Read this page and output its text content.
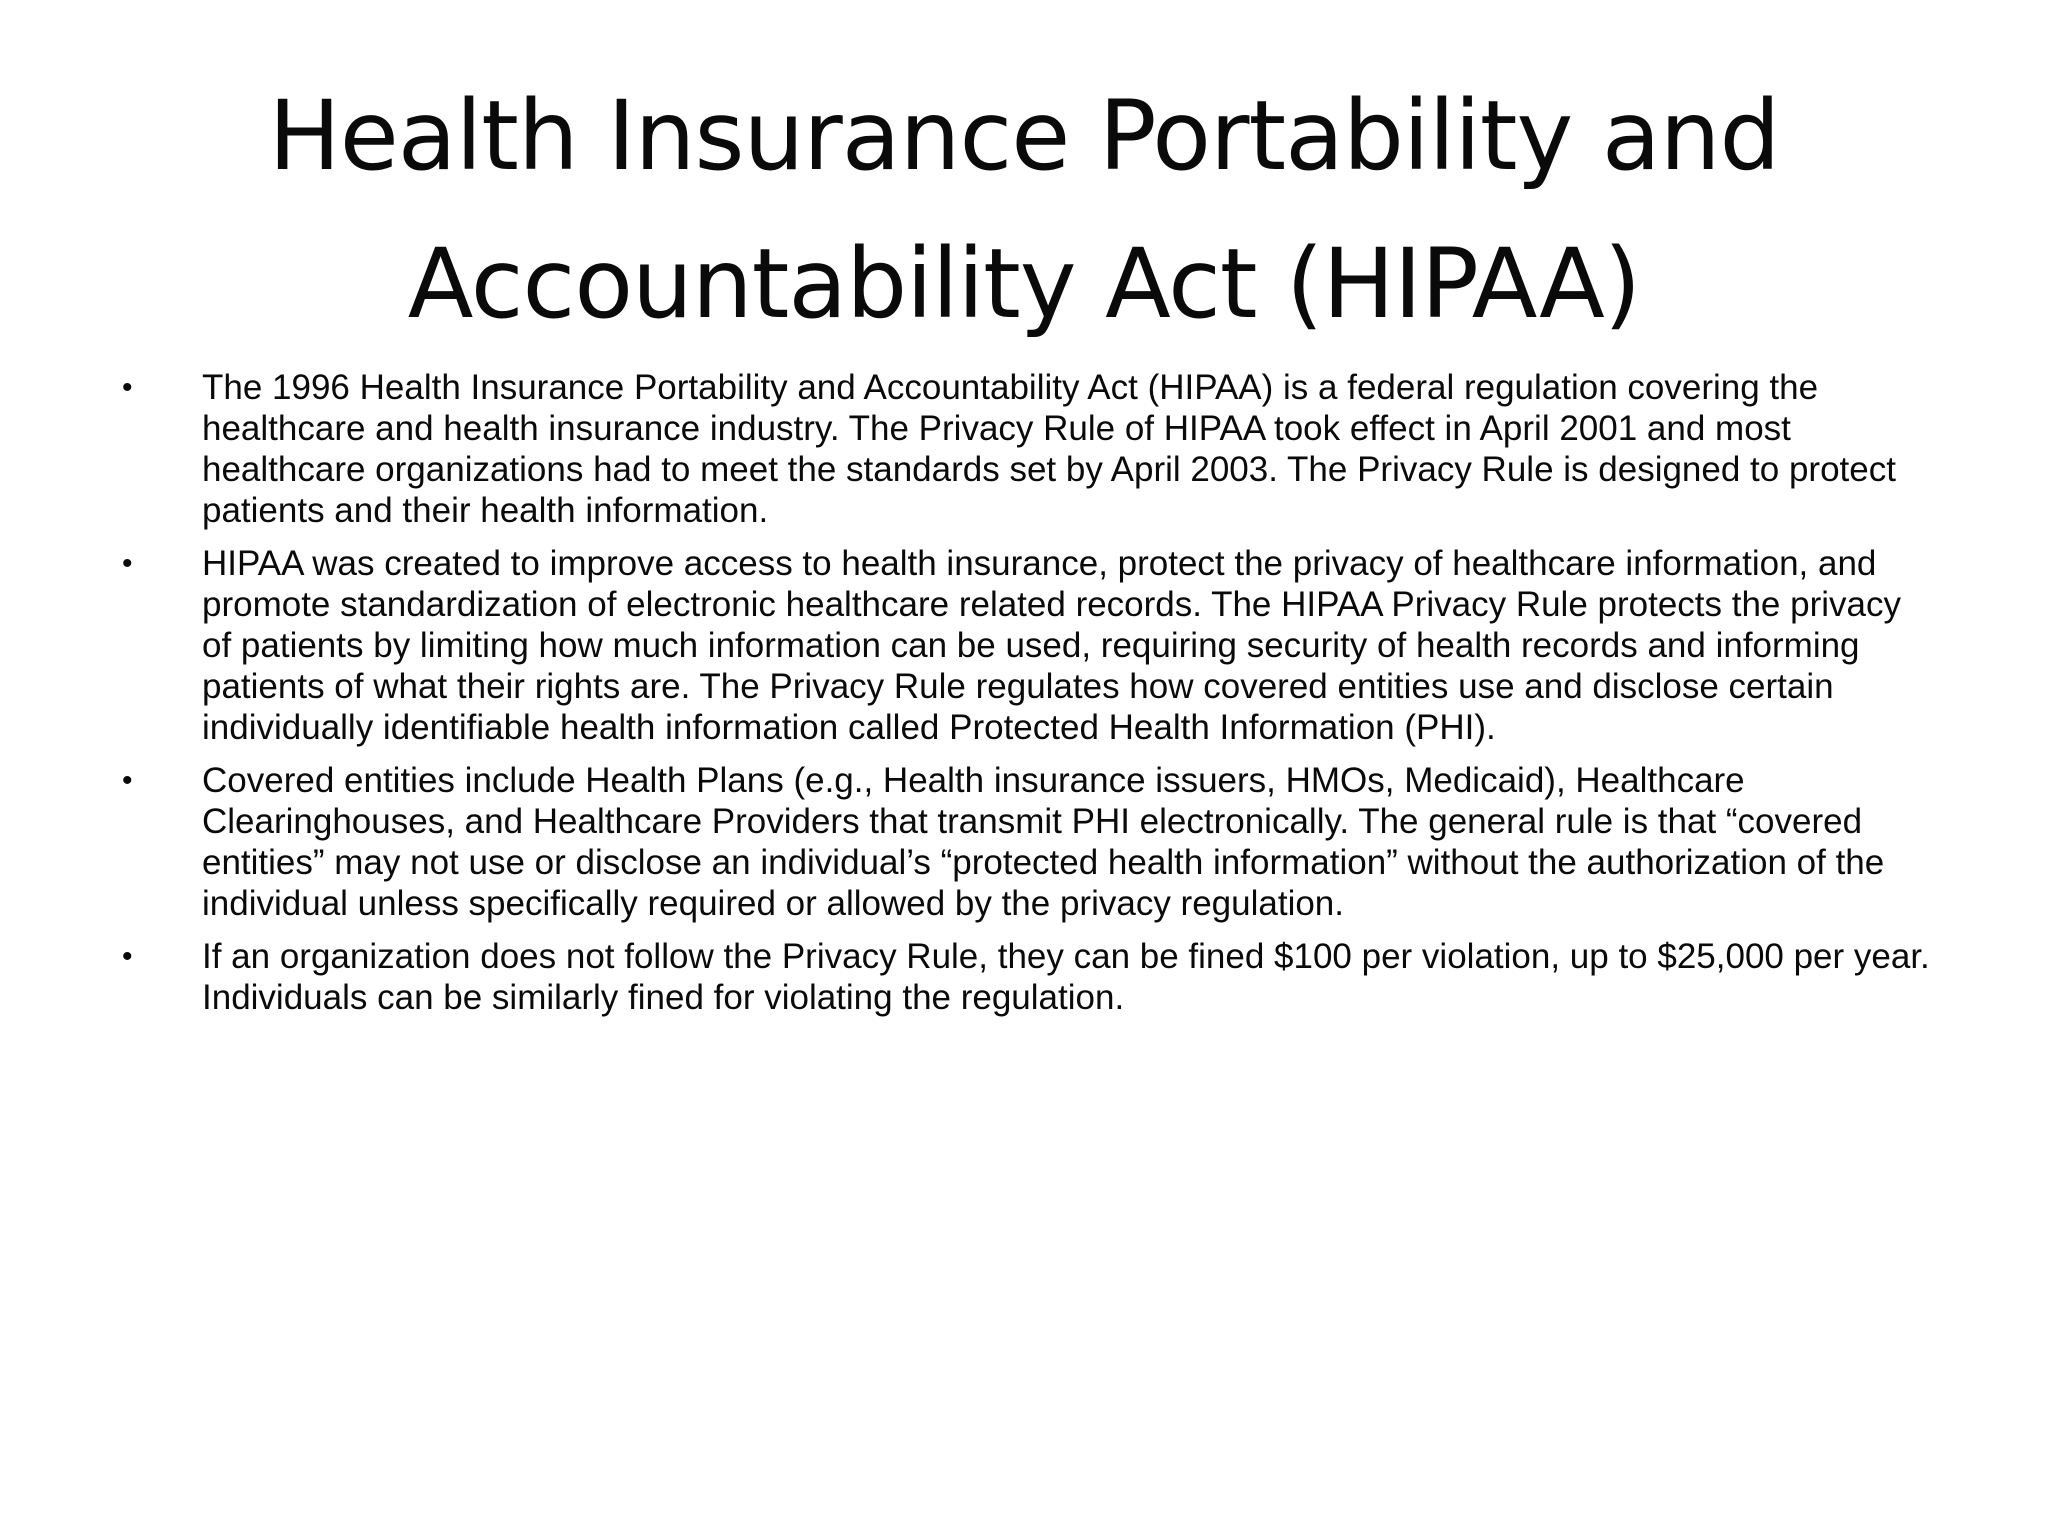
Health Insurance Portability and
Accountability Act (HIPAA)
•	The 1996 Health Insurance Portability and Accountability Act (HIPAA) is a federal regulation covering the healthcare and health insurance industry. The Privacy Rule of HIPAA took effect in April 2001 and most healthcare organizations had to meet the standards set by April 2003. The Privacy Rule is designed to protect patients and their health information.
•	HIPAA was created to improve access to health insurance, protect the privacy of healthcare information, and promote standardization of electronic healthcare related records. The HIPAA Privacy Rule protects the privacy of patients by limiting how much information can be used, requiring security of health records and informing patients of what their rights are. The Privacy Rule regulates how covered entities use and disclose certain individually identifiable health information called Protected Health Information (PHI).
•	Covered entities include Health Plans (e.g., Health insurance issuers, HMOs, Medicaid), Healthcare Clearinghouses, and Healthcare Providers that transmit PHI electronically. The general rule is that “covered entities” may not use or disclose an individual’s “protected health information” without the authorization of the individual unless specifically required or allowed by the privacy regulation.
•	If an organization does not follow the Privacy Rule, they can be fined $100 per violation, up to $25,000 per year. Individuals can be similarly fined for violating the regulation.
